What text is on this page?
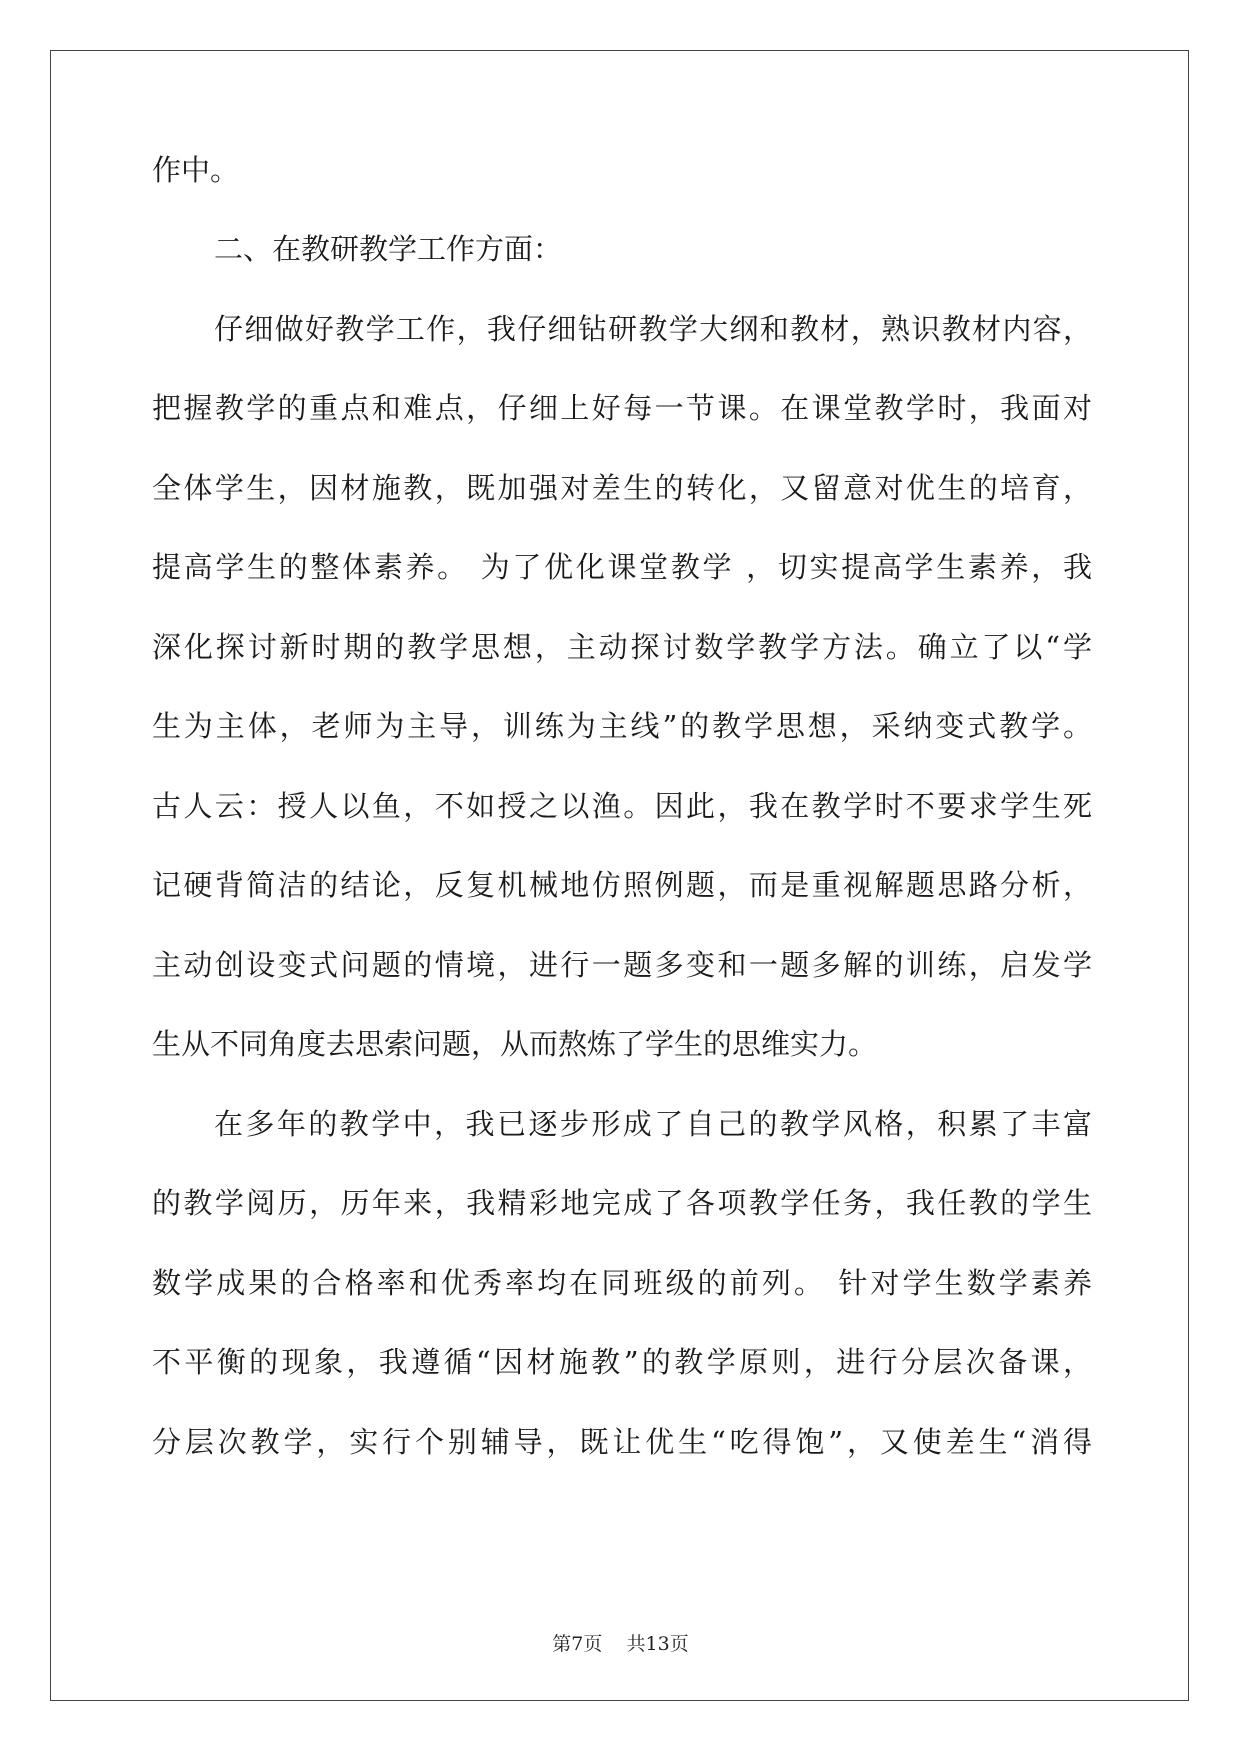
作中。
二、在教研教学工作方面：
仔细做好教学工作，我仔细钻研教学大纲和教材，熟识教材内容，
把握教学的重点和难点，仔细上好每一节课。在课堂教学时，我面对
全体学生，因材施教，既加强对差生的转化，又留意对优生的培育，
提高学生的整体素养。 为了优化课堂教学 ，切实提高学生素养，我
深化探讨新时期的教学思想，主动探讨数学教学方法。确立了以“学
生为主体，老师为主导，训练为主线”的教学思想，采纳变式教学。
古人云：授人以鱼，不如授之以渔。因此，我在教学时不要求学生死
记硬背简洁的结论，反复机械地仿照例题，而是重视解题思路分析，
主动创设变式问题的情境，进行一题多变和一题多解的训练，启发学
生从不同角度去思索问题，从而熬炼了学生的思维实力。
在多年的教学中，我已逐步形成了自己的教学风格，积累了丰富
的教学阅历，历年来，我精彩地完成了各项教学任务，我任教的学生
数学成果的合格率和优秀率均在同班级的前列。 针对学生数学素养
不平衡的现象，我遵循“因材施教”的教学原则，进行分层次备课，
分层次教学，实行个别辅导，既让优生“吃得饱”，又使差生“消得
第7页 共13页
